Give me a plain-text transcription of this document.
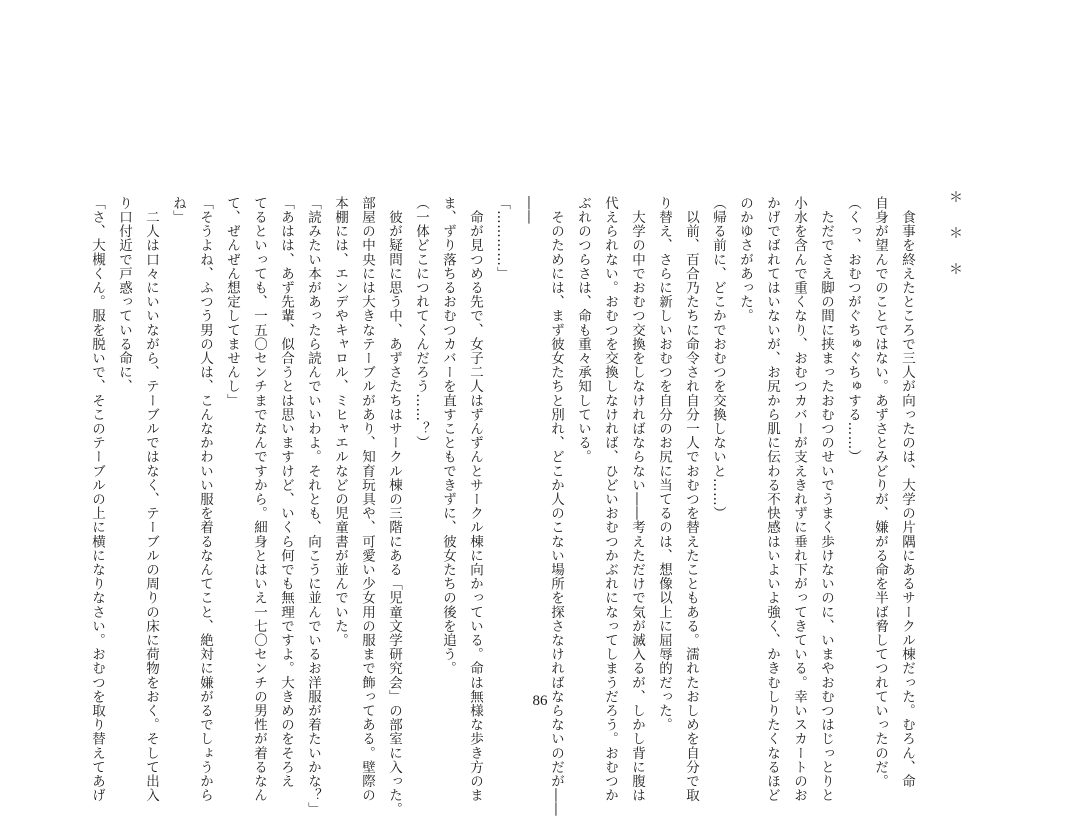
＊＊＊

　食事を終えたところで三人が向ったのは、大学の片隅にあるサークル棟だった。むろん、命

自身が望んでのことではない。あずさとみどりが、嫌がる命を半ば脅してつれていったのだ。

（くっ、おむつがぐちゅぐちゅする……）

　ただでさえ脚の間に挟まったおむつのせいでうまく歩けないのに、いまやおむつはじっとりと

小水を含んで重くなり、おむつカバーが支えきれずに垂れ下がってきている。幸いスカートのお

かげでばれてはいないが、お尻から肌に伝わる不快感はいよいよ強く、かきむしりたくなるほど

のかゆさがあった。

（帰る前に、どこかでおむつを交換しないと……）

　以前、百合乃たちに命令され自分一人でおむつを替えたこともある。濡れたおしめを自分で取

り替え、さらに新しいおむつを自分のお尻に当てるのは、想像以上に屈辱的だった。

　大学の中でおむつ交換をしなければならない――考えただけで気が滅入るが、しかし背に腹は

代えられない。おむつを交換しなければ、ひどいおむつかぶれになってしまうだろう。おむつか

ぶれのつらさは、命も重々承知している。

　そのためには、まず彼女たちと別れ、どこか人のこない場所を探さなければならないのだが――

――

「…………」

　命が見つめる先で、女子二人はずんずんとサークル棟に向かっている。命は無様な歩き方のま

ま、ずり落ちるおむつカバーを直すこともできずに、彼女たちの後を追う。

（一体どこにつれてくんだろう……？）

　彼が疑問に思う中、あずさたちはサークル棟の三階にある「児童文学研究会」の部室に入った。

部屋の中央には大きなテーブルがあり、知育玩具や、可愛い少女用の服まで飾ってある。壁際の

本棚には、エンデやキャロル、ミヒャエルなどの児童書が並んでいた。

「読みたい本があったら読んでいいわよ。それとも、向こうに並んでいるお洋服が着たいかな？」

「あはは、あず先輩、似合うとは思いますけど、いくら何でも無理ですよ。大きめのをそろえ

てるといっても、一五〇センチまでなんですから。細身とはいえ一七〇センチの男性が着るなん

て、ぜんぜん想定してませんし」

「そうよね、ふつう男の人は、こんなかわいい服を着るなんてこと、絶対に嫌がるでしょうから

ね」

　二人は口々にいいながら、テーブルではなく、テーブルの周りの床に荷物をおく。そして出入

り口付近で戸惑っている命に、

「さ、大槻くん。服を脱いで、そこのテーブルの上に横になりなさい。おむつを取り替えてあげ	86
